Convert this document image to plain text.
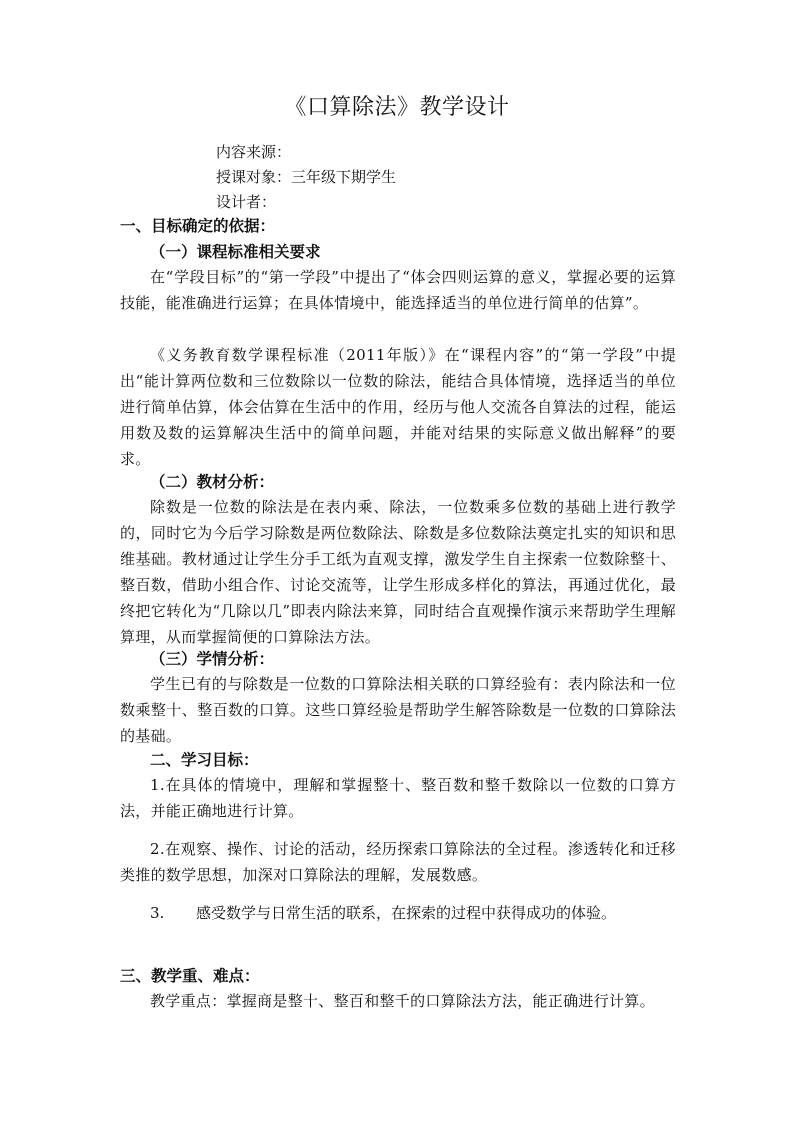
《口算除法》教学设计
内容来源：
授课对象：三年级下期学生
设计者：
一、目标确定的依据：
（一）课程标准相关要求
在“学段目标”的“第一学段”中提出了“体会四则运算的意义，掌握必要的运算技能，能准确进行运算；在具体情境中，能选择适当的单位进行简单的估算”。
《义务教育数学课程标准（2011年版）》在“课程内容”的“第一学段”中提出“能计算两位数和三位数除以一位数的除法，能结合具体情境，选择适当的单位进行简单估算，体会估算在生活中的作用，经历与他人交流各自算法的过程，能运用数及数的运算解决生活中的简单问题，并能对结果的实际意义做出解释”的要求。
（二）教材分析：
除数是一位数的除法是在表内乘、除法，一位数乘多位数的基础上进行教学的，同时它为今后学习除数是两位数除法、除数是多位数除法奠定扎实的知识和思维基础。教材通过让学生分手工纸为直观支撑，激发学生自主探索一位数除整十、整百数，借助小组合作、讨论交流等，让学生形成多样化的算法，再通过优化，最终把它转化为“几除以几”即表内除法来算，同时结合直观操作演示来帮助学生理解算理，从而掌握简便的口算除法方法。
（三）学情分析：
学生已有的与除数是一位数的口算除法相关联的口算经验有：表内除法和一位数乘整十、整百数的口算。这些口算经验是帮助学生解答除数是一位数的口算除法的基础。
二、学习目标：
1.在具体的情境中，理解和掌握整十、整百数和整千数除以一位数的口算方法，并能正确地进行计算。
2.在观察、操作、讨论的活动，经历探索口算除法的全过程。渗透转化和迁移类推的数学思想，加深对口算除法的理解，发展数感。
3. 感受数学与日常生活的联系，在探索的过程中获得成功的体验。
三、教学重、难点：
教学重点：掌握商是整十、整百和整千的口算除法方法，能正确进行计算。
